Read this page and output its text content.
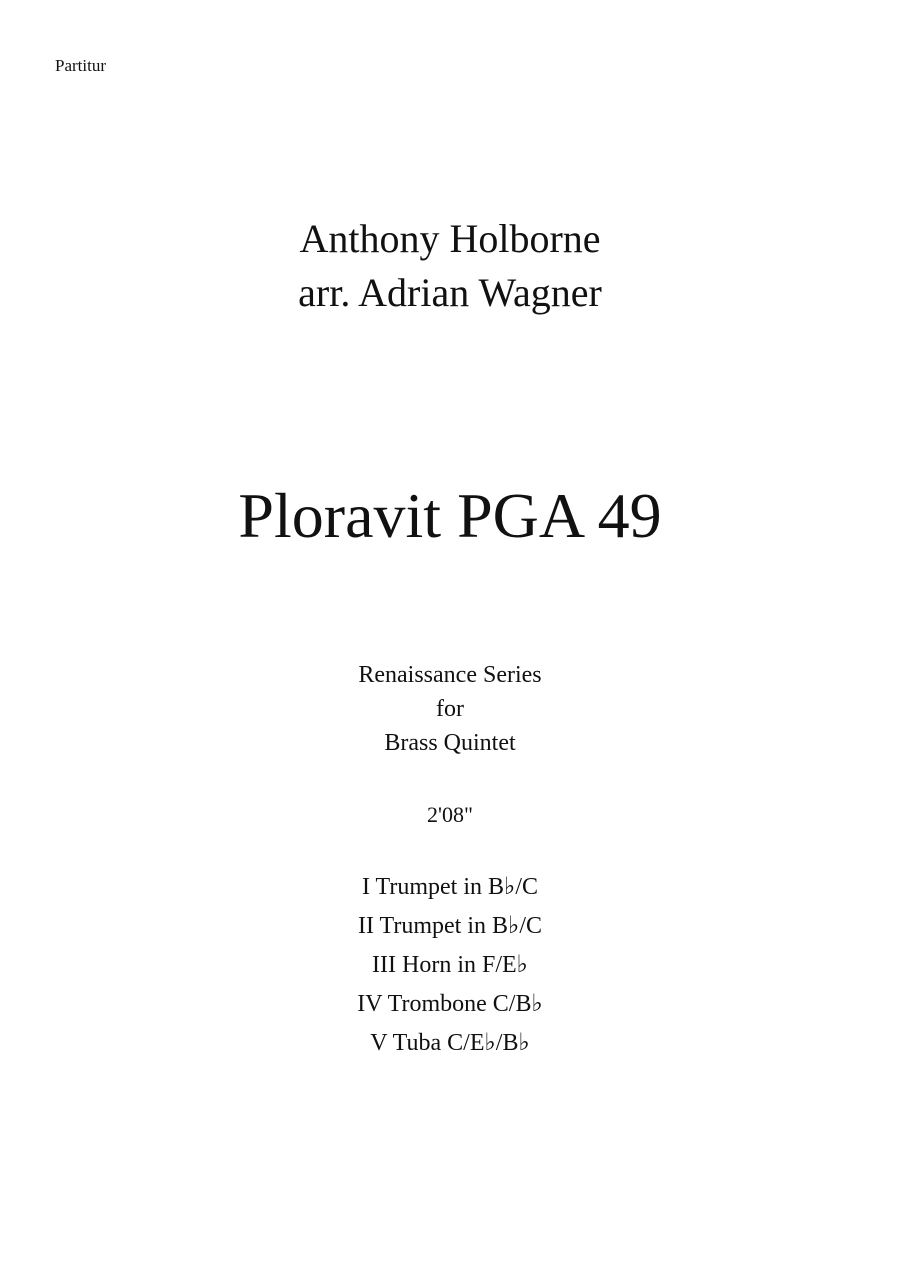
Partitur
Anthony Holborne
arr. Adrian Wagner
Ploravit PGA 49
Renaissance Series
for
Brass Quintet
2'08"
I Trumpet in B♭/C
II Trumpet in B♭/C
III Horn in F/E♭
IV Trombone C/B♭
V Tuba C/E♭/B♭
